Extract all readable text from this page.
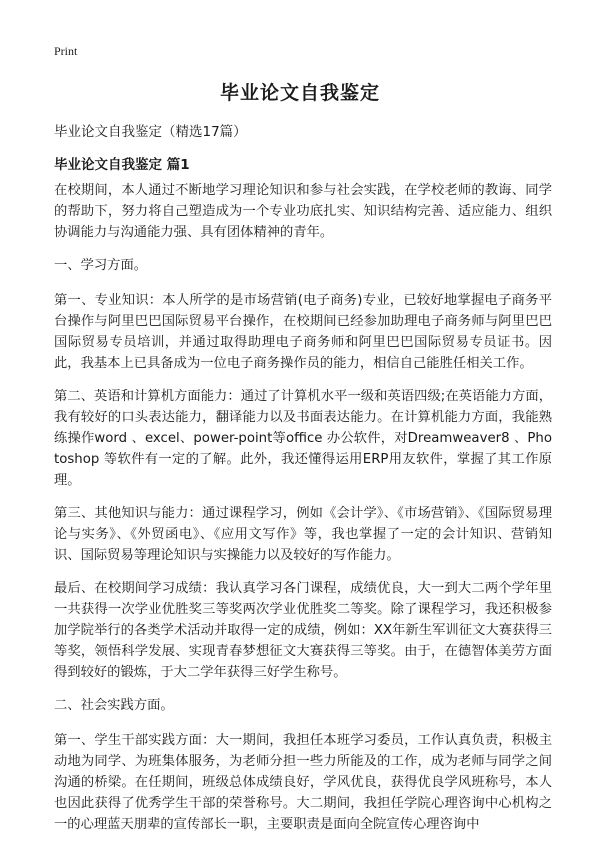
Print
毕业论文自我鉴定

毕业论文自我鉴定（精选17篇）

毕业论文自我鉴定 篇1

在校期间，本人通过不断地学习理论知识和参与社会实践，在学校老师的教诲、同学的帮助下，努力将自己塑造成为一个专业功底扎实、知识结构完善、适应能力、组织协调能力与沟通能力强、具有团体精神的青年。

一、学习方面。

第一、专业知识：本人所学的是市场营销(电子商务)专业，已较好地掌握电子商务平台操作与阿里巴巴国际贸易平台操作，在校期间已经参加助理电子商务师与阿里巴巴国际贸易专员培训，并通过取得助理电子商务师和阿里巴巴国际贸易专员证书。因此，我基本上已具备成为一位电子商务操作员的能力，相信自己能胜任相关工作。

第二、英语和计算机方面能力：通过了计算机水平一级和英语四级;在英语能力方面，我有较好的口头表达能力，翻译能力以及书面表达能力。在计算机能力方面，我能熟练操作word 、excel、power-point等office 办公软件，对Dreamweaver8 、Photoshop 等软件有一定的了解。此外，我还懂得运用ERP用友软件，掌握了其工作原理。

第三、其他知识与能力：通过课程学习，例如《会计学》、《市场营销》、《国际贸易理论与实务》、《外贸函电》、《应用文写作》等，我也掌握了一定的会计知识、营销知识、国际贸易等理论知识与实操能力以及较好的写作能力。

最后、在校期间学习成绩：我认真学习各门课程，成绩优良，大一到大二两个学年里一共获得一次学业优胜奖三等奖两次学业优胜奖二等奖。除了课程学习，我还积极参加学院举行的各类学术活动并取得一定的成绩，例如：XX年新生军训征文大赛获得三等奖，领悟科学发展、实现青春梦想征文大赛获得三等奖。由于，在德智体美劳方面得到较好的锻炼，于大二学年获得三好学生称号。

二、社会实践方面。

第一、学生干部实践方面：大一期间，我担任本班学习委员，工作认真负责，积极主动地为同学、为班集体服务，为老师分担一些力所能及的工作，成为老师与同学之间沟通的桥梁。在任期间，班级总体成绩良好，学风优良，获得优良学风班称号，本人也因此获得了优秀学生干部的荣誉称号。大二期间，我担任学院心理咨询中心机构之一的心理蓝天朋辈的宣传部长一职，主要职责是面向全院宣传心理咨询中
